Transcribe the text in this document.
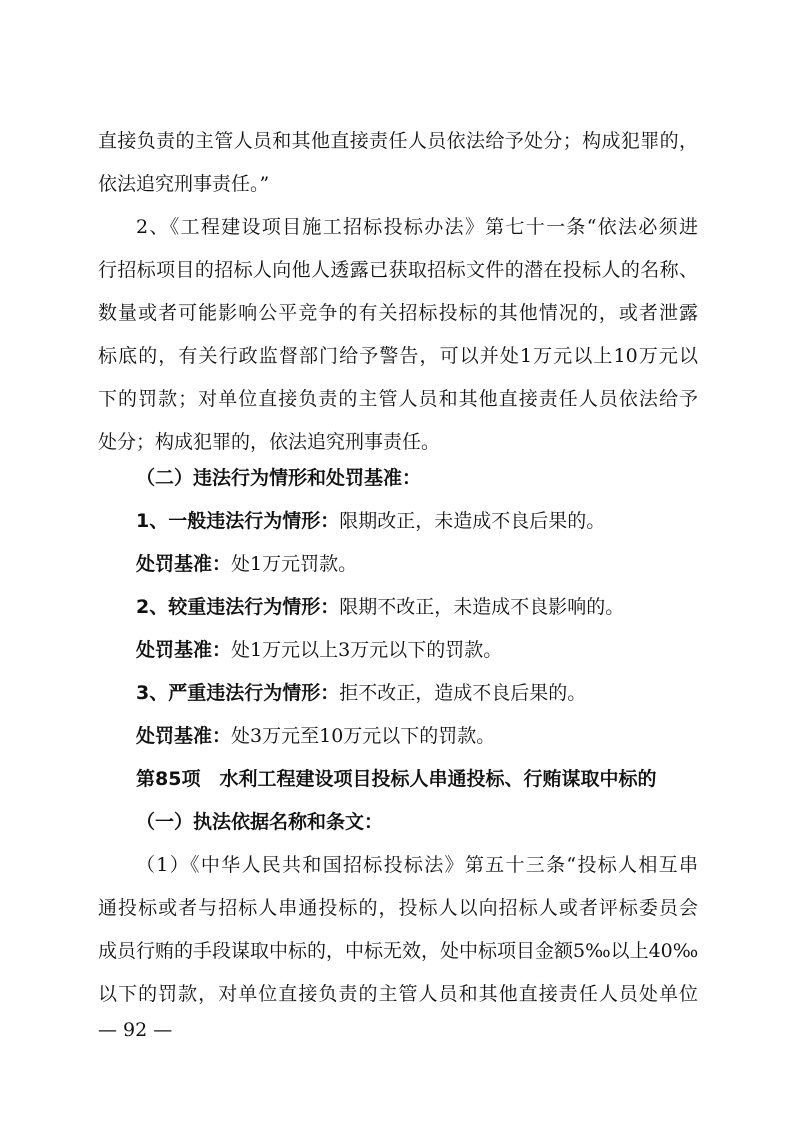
直接负责的主管人员和其他直接责任人员依法给予处分；构成犯罪的，
依法追究刑事责任。”
2、《工程建设项目施工招标投标办法》第七十一条“依法必须进
行招标项目的招标人向他人透露已获取招标文件的潜在投标人的名称、
数量或者可能影响公平竞争的有关招标投标的其他情况的，或者泄露
标底的，有关行政监督部门给予警告，可以并处1万元以上10万元以
下的罚款；对单位直接负责的主管人员和其他直接责任人员依法给予
处分；构成犯罪的，依法追究刑事责任。
（二）违法行为情形和处罚基准：
1、一般违法行为情形：限期改正，未造成不良后果的。
处罚基准：处1万元罚款。
2、较重违法行为情形：限期不改正，未造成不良影响的。
处罚基准：处1万元以上3万元以下的罚款。
3、严重违法行为情形：拒不改正，造成不良后果的。
处罚基准：处3万元至10万元以下的罚款。
第85项　水利工程建设项目投标人串通投标、行贿谋取中标的
（一）执法依据名称和条文：
（1）《中华人民共和国招标投标法》第五十三条“投标人相互串
通投标或者与招标人串通投标的，投标人以向招标人或者评标委员会
成员行贿的手段谋取中标的，中标无效，处中标项目金额5‰以上40‰
以下的罚款，对单位直接负责的主管人员和其他直接责任人员处单位
— 92 —
